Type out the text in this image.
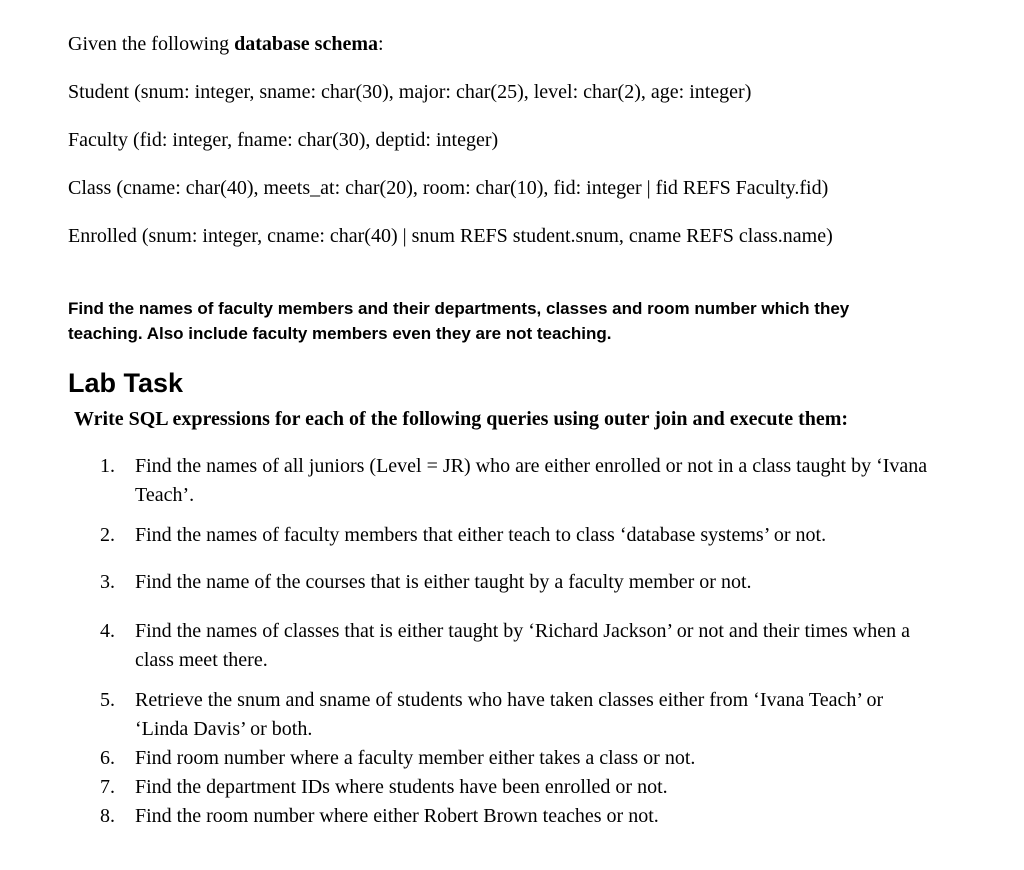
Given the following database schema:
Student (snum: integer, sname: char(30), major: char(25), level: char(2), age: integer)
Faculty (fid: integer, fname: char(30), deptid: integer)
Class (cname: char(40), meets_at: char(20), room: char(10), fid: integer | fid REFS Faculty.fid)
Enrolled (snum: integer, cname: char(40) | snum REFS student.snum, cname REFS class.name)
Find the names of faculty members and their departments, classes and room number which they teaching. Also include faculty members even they are not teaching.
Lab Task
Write SQL expressions for each of the following queries using outer join and execute them:
1.	Find the names of all juniors (Level = JR) who are either enrolled or not in a class taught by ‘Ivana Teach’.
2.	Find the names of faculty members that either teach to class ‘database systems’ or not.
3.	Find the name of the courses that is either taught by a faculty member or not.
4.	Find the names of classes that is either taught by ‘Richard Jackson’ or not and their times when a class meet there.
5.	Retrieve the snum and sname of students who have taken classes either from ‘Ivana Teach’ or ‘Linda Davis’ or both.
6.	Find room number where a faculty member either takes a class or not.
7.	Find the department IDs where students have been enrolled or not.
8.	Find the room number where either Robert Brown teaches or not.
